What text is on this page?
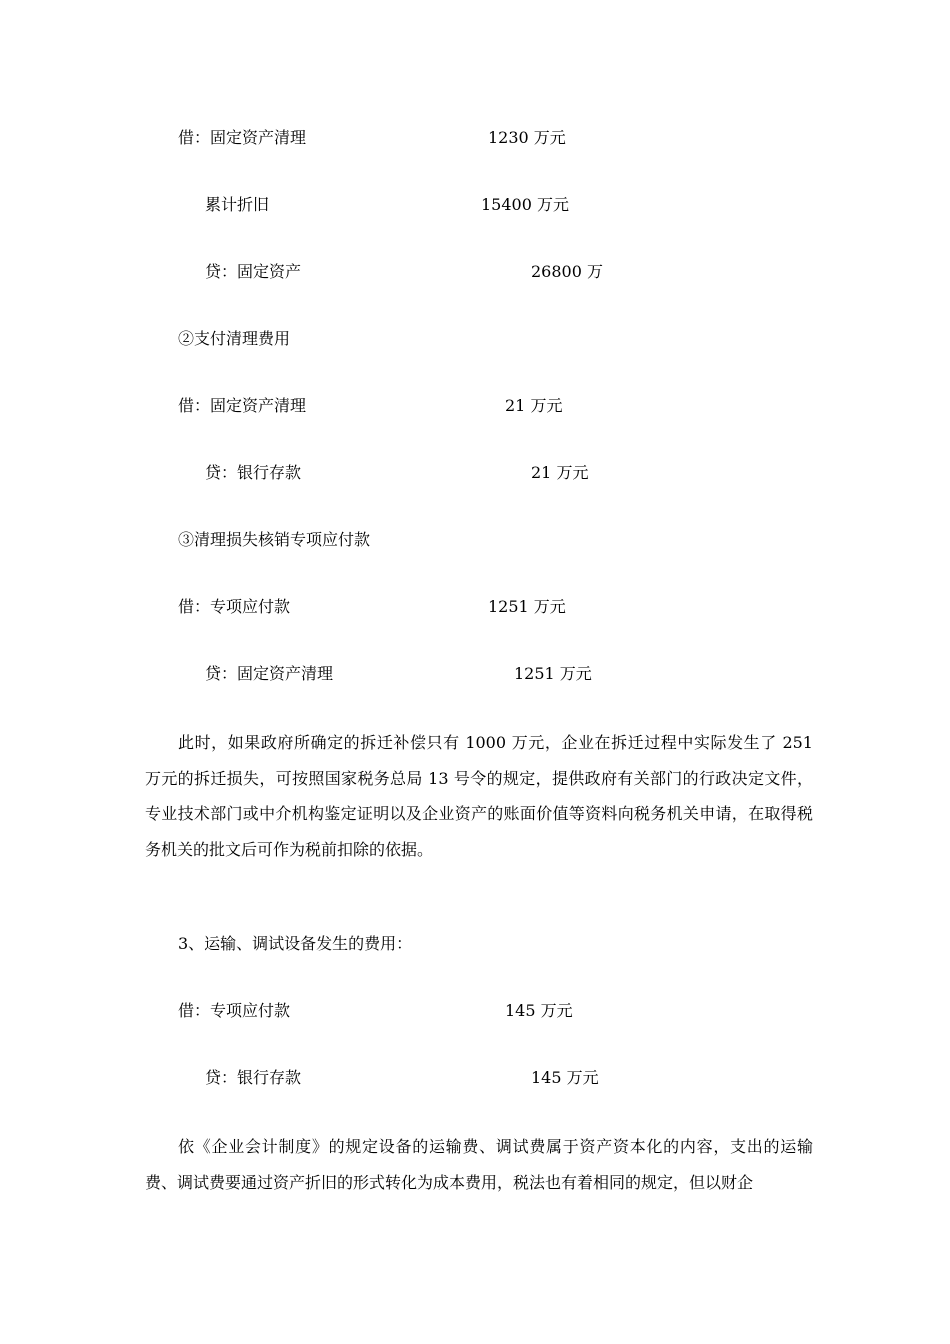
借：固定资产清理	1230 万元
累计折旧	15400 万元
贷：固定资产	26800 万
②支付清理费用
借：固定资产清理	21 万元
贷：银行存款	21 万元
③清理损失核销专项应付款
借：专项应付款	1251 万元
贷：固定资产清理	1251 万元

此时，如果政府所确定的拆迁补偿只有 1000 万元，企业在拆迁过程中实际发生了 251 万元的拆迁损失，可按照国家税务总局 13 号令的规定，提供政府有关部门的行政决定文件，专业技术部门或中介机构鉴定证明以及企业资产的账面价值等资料向税务机关申请，在取得税务机关的批文后可作为税前扣除的依据。

3、运输、调试设备发生的费用：
借：专项应付款	145 万元
贷：银行存款	145 万元

依《企业会计制度》的规定设备的运输费、调试费属于资产资本化的内容，支出的运输费、调试费要通过资产折旧的形式转化为成本费用，税法也有着相同的规定，但以财企
